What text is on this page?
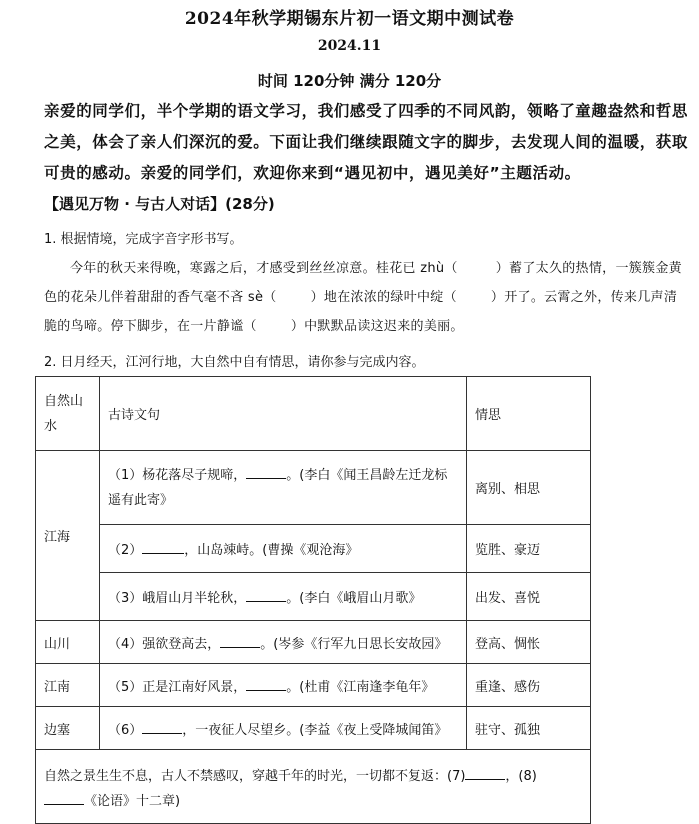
2024年秋学期锡东片初一语文期中测试卷
2024.11
时间 120分钟 满分 120分
亲爱的同学们，半个学期的语文学习，我们感受了四季的不同风韵，领略了童趣盎然和哲思之美，体会了亲人们深沉的爱。下面让我们继续跟随文字的脚步，去发现人间的温暖，获取可贵的感动。亲爱的同学们，欢迎你来到“遇见初中，遇见美好”主题活动。
【遇见万物 · 与古人对话】(28分)
1. 根据情境，完成字音字形书写。
今年的秋天来得晚，寒露之后，才感受到丝丝凉意。桂花已 zhù（	）蓄了太久的热情，一簇簇金黄色的花朵儿伴着甜甜的香气毫不吝 sè（	）地在浓浓的绿叶中绽（	）开了。云霄之外，传来几声清脆的鸟啼。停下脚步，在一片静谧（	）中默默品读这迟来的美丽。
2. 日月经天，江河行地，大自然中自有情思，请你参与完成内容。
自然山水	古诗文句	情思
江海	（1）杨花落尽子规啼， 。(李白《闻王昌龄左迁龙标遥有此寄》	离别、相思
	（2） ，山岛竦峙。(曹操《观沧海》	览胜、豪迈
	（3）峨眉山月半轮秋， 。(李白《峨眉山月歌》	出发、喜悦
山川	（4）强欲登高去， 。(岑参《行军九日思长安故园》	登高、惆怅
江南	（5）正是江南好风景， 。(杜甫《江南逢李龟年》	重逢、感伤
边塞	（6） ，一夜征人尽望乡。(李益《夜上受降城闻笛》	驻守、孤独
自然之景生生不息，古人不禁感叹，穿越千年的时光，一切都不复返：(7) ，(8)
《论语》十二章)		
